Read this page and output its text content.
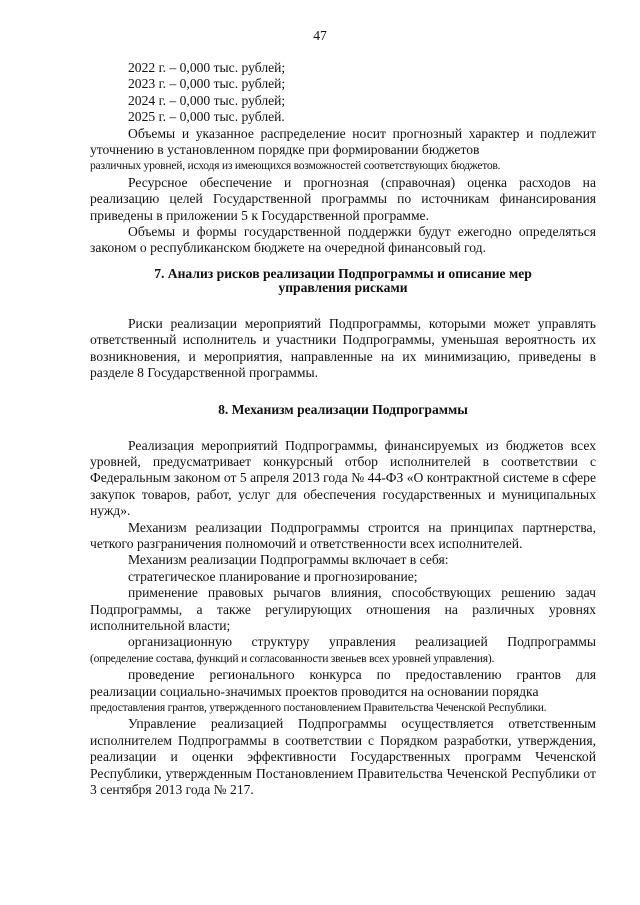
47

2022 г. – 0,000 тыс. рублей;

2023 г. – 0,000 тыс. рублей;

2024 г. – 0,000 тыс. рублей;

2025 г. – 0,000 тыс. рублей.

Объемы и указанное распределение носит прогнозный характер и подлежит уточнению в установленном порядке при формировании бюджетов

различных уровней, исходя из имеющихся возможностей соответствующих бюджетов.

Ресурсное обеспечение и прогнозная (справочная) оценка расходов на реализацию целей Государственной программы по источникам финансирования приведены в приложении 5 к Государственной программе.

Объемы и формы государственной поддержки будут ежегодно определяться законом о республиканском бюджете на очередной финансовый год.

7. Анализ рисков реализации Подпрограммы и описание мер управления рисками

Риски реализации мероприятий Подпрограммы, которыми может управлять ответственный исполнитель и участники Подпрограммы, уменьшая вероятность их возникновения, и мероприятия, направленные на их минимизацию, приведены в разделе 8 Государственной программы.

8. Механизм реализации Подпрограммы

Реализация мероприятий Подпрограммы, финансируемых из бюджетов всех уровней, предусматривает конкурсный отбор исполнителей в соответствии с Федеральным законом от 5 апреля 2013 года № 44-ФЗ «О контрактной системе в сфере закупок товаров, работ, услуг для обеспечения государственных и муниципальных нужд».

Механизм реализации Подпрограммы строится на принципах партнерства, четкого разграничения полномочий и ответственности всех исполнителей.

Механизм реализации Подпрограммы включает в себя:

стратегическое планирование и прогнозирование;

применение правовых рычагов влияния, способствующих решению задач Подпрограммы, а также регулирующих отношения на различных уровнях исполнительной власти;

организационную структуру управления реализацией Подпрограммы

(определение состава, функций и согласованности звеньев всех уровней управления).

проведение регионального конкурса по предоставлению грантов для реализации социально-значимых проектов проводится на основании порядка

предоставления грантов, утвержденного постановлением Правительства Чеченской Республики.

Управление реализацией Подпрограммы осуществляется ответственным исполнителем Подпрограммы в соответствии с Порядком разработки, утверждения, реализации и оценки эффективности Государственных программ Чеченской Республики, утвержденным Постановлением Правительства Чеченской Республики от 3 сентября 2013 года № 217.
